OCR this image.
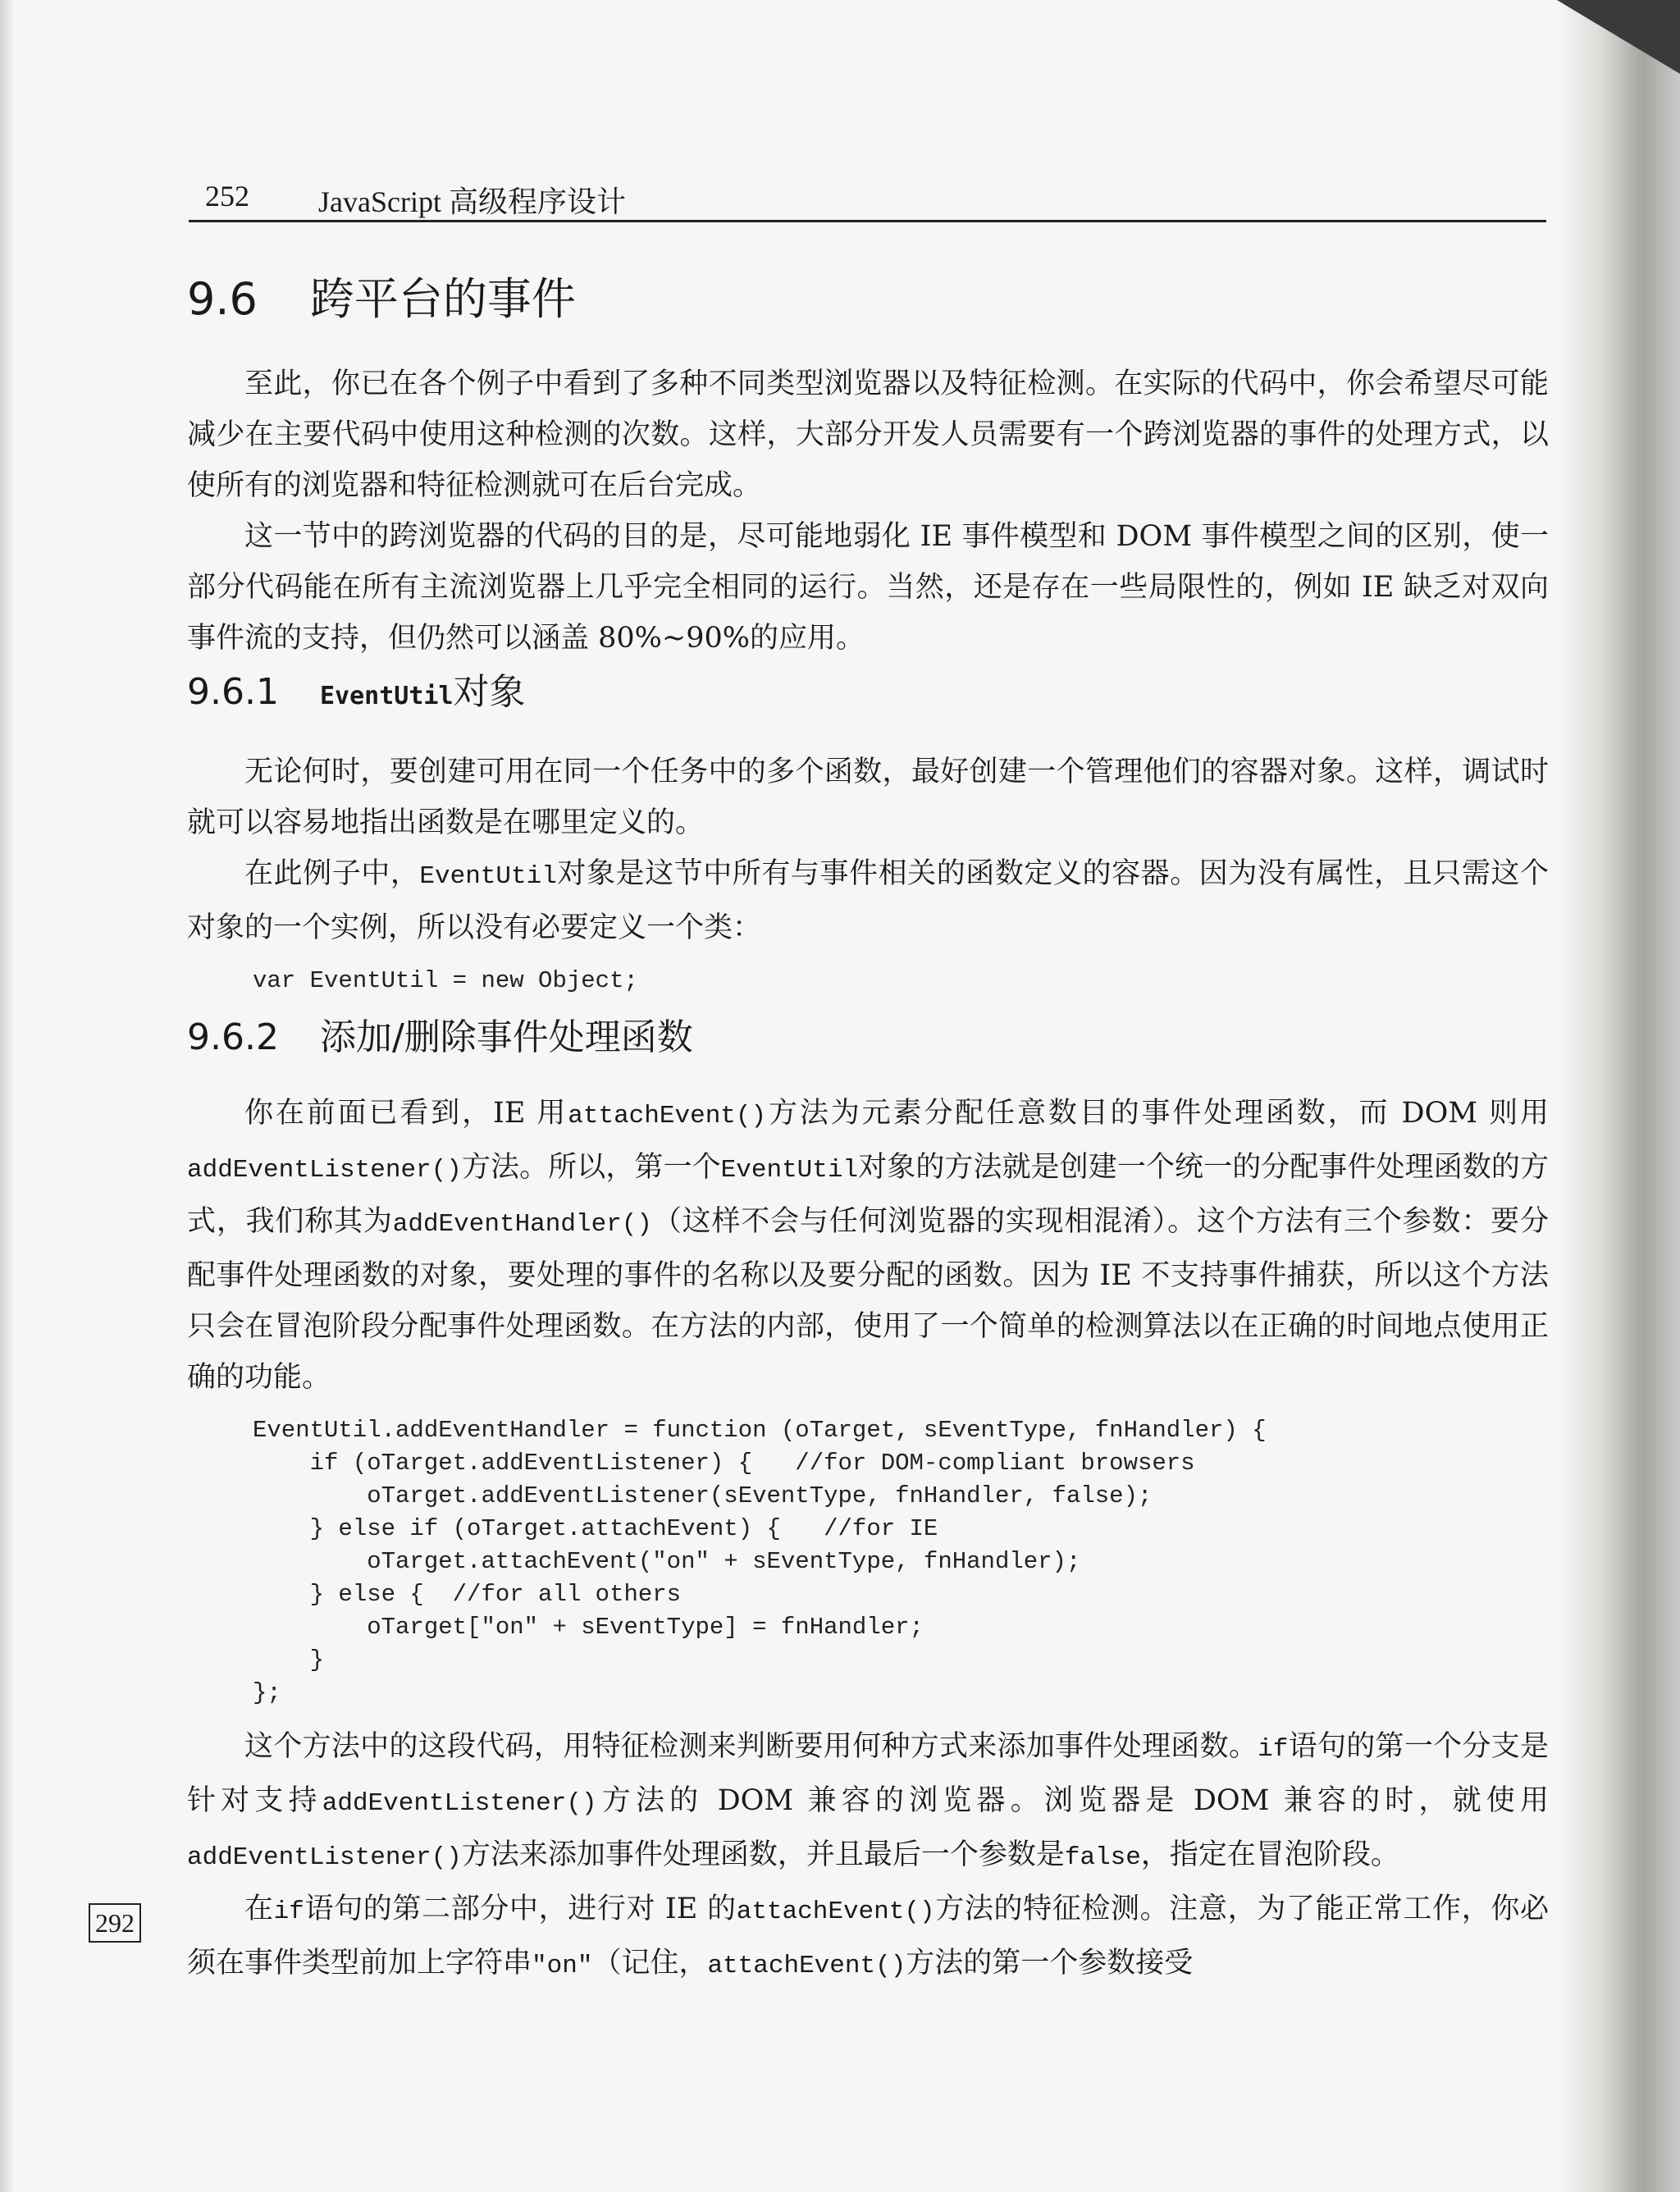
252 JavaScript 高级程序设计
9.6 跨平台的事件

至此，你已在各个例子中看到了多种不同类型浏览器以及特征检测。在实际的代码中，你会希望尽可能减少在主要代码中使用这种检测的次数。这样，大部分开发人员需要有一个跨浏览器的事件的处理方式，以使所有的浏览器和特征检测就可在后台完成。

这一节中的跨浏览器的代码的目的是，尽可能地弱化 IE 事件模型和 DOM 事件模型之间的区别，使一部分代码能在所有主流浏览器上几乎完全相同的运行。当然，还是存在一些局限性的，例如 IE 缺乏对双向事件流的支持，但仍然可以涵盖 80%~90%的应用。

9.6.1 EventUtil对象

无论何时，要创建可用在同一个任务中的多个函数，最好创建一个管理他们的容器对象。这样，调试时就可以容易地指出函数是在哪里定义的。

在此例子中，EventUtil对象是这节中所有与事件相关的函数定义的容器。因为没有属性，且只需这个对象的一个实例，所以没有必要定义一个类：

var EventUtil = new Object;
9.6.2 添加/删除事件处理函数

你在前面已看到，IE 用attachEvent()方法为元素分配任意数目的事件处理函数，而 DOM 则用addEventListener()方法。所以，第一个EventUtil对象的方法就是创建一个统一的分配事件处理函数的方式，我们称其为addEventHandler()（这样不会与任何浏览器的实现相混淆）。这个方法有三个参数：要分配事件处理函数的对象，要处理的事件的名称以及要分配的函数。因为 IE 不支持事件捕获，所以这个方法只会在冒泡阶段分配事件处理函数。在方法的内部，使用了一个简单的检测算法以在正确的时间地点使用正确的功能。

EventUtil.addEventHandler = function (oTarget, sEventType, fnHandler) {
if (oTarget.addEventListener) {   //for DOM-compliant browsers
oTarget.addEventListener(sEventType, fnHandler, false);
} else if (oTarget.attachEvent) {   //for IE
oTarget.attachEvent("on" + sEventType, fnHandler);
} else {  //for all others
oTarget["on" + sEventType] = fnHandler;
}
};

这个方法中的这段代码，用特征检测来判断要用何种方式来添加事件处理函数。if语句的第一个分支是针对支持addEventListener()方法的 DOM 兼容的浏览器。浏览器是 DOM 兼容的时，就使用addEventListener()方法来添加事件处理函数，并且最后一个参数是false，指定在冒泡阶段。

在if语句的第二部分中，进行对 IE 的attachEvent()方法的特征检测。注意，为了能正常工作，你必须在事件类型前加上字符串"on"（记住，attachEvent()方法的第一个参数接受

292
